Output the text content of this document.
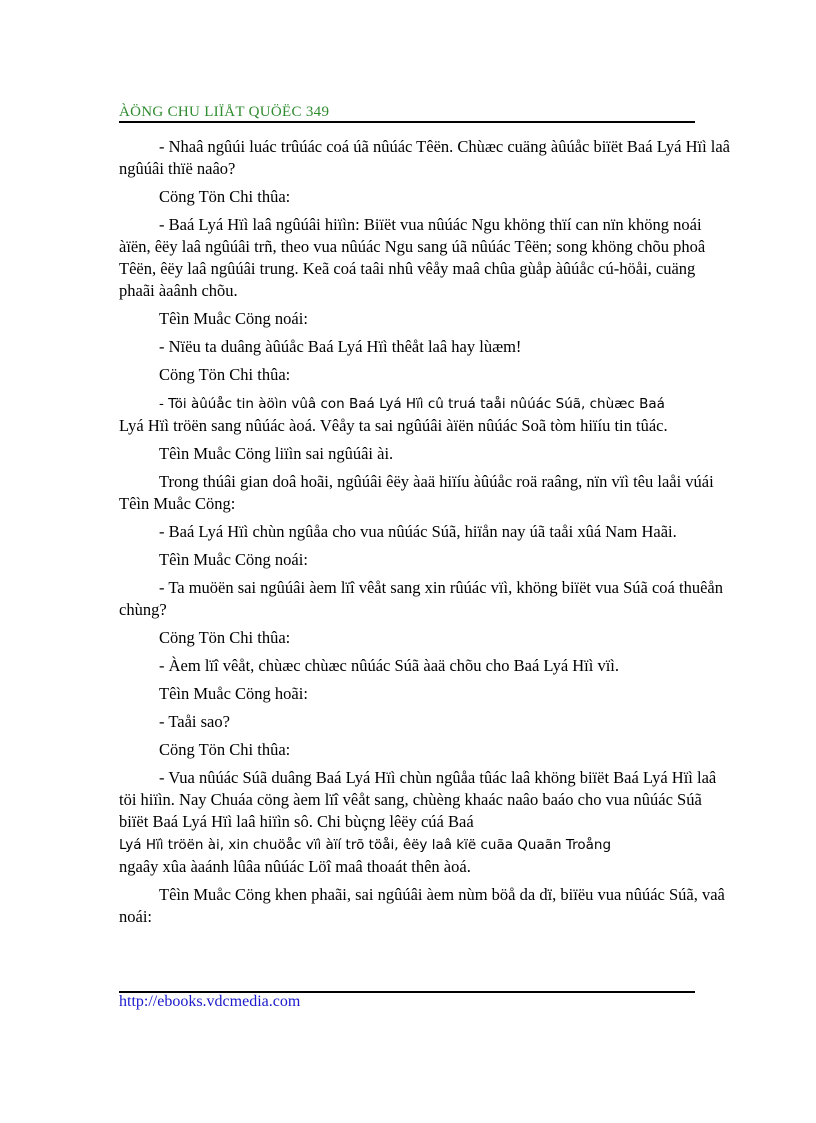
ÀÖNG CHU LIÏÅT QUÖËC 349

- Nhaâ ngûúi luác trûúác coá úã nûúác Têën. Chùæc cuäng àûúåc biïët Baá Lyá Hïì laâ ngûúâi thïë naâo?

Cöng Tön Chi thûa:

- Baá Lyá Hïì laâ ngûúâi hiïìn: Biïët vua nûúác Ngu khöng thïí can nïn khöng noái àïën, êëy laâ ngûúâi trñ, theo vua nûúác Ngu sang úã nûúác Têën; song khöng chõu phoâ Têën, êëy laâ ngûúâi trung. Keã coá taâi nhû vêåy maâ chûa gùåp àûúåc cú-höåi, cuäng phaãi àaânh chõu.

Têìn Muåc Cöng noái:

- Nïëu ta duâng àûúåc Baá Lyá Hïì thêåt laâ hay lùæm!

Cöng Tön Chi thûa:

- Töi àûúåc tin àöìn vûâ con Baá Lyá Hïì cû truá taåi nûúác Súã, chùæc Baá

Lyá Hïì tröën sang nûúác àoá. Vêåy ta sai ngûúâi àïën nûúác Soã tòm hiïíu tin tûác.

Têìn Muåc Cöng liïìn sai ngûúâi ài.

Trong thúâi gian doâ hoãi, ngûúâi êëy àaä hiïíu àûúåc roä raâng, nïn vïì têu laåi vúái Têìn Muåc Cöng:

- Baá Lyá Hïì chùn ngûåa cho vua nûúác Súã, hiïån nay úã taåi xûá Nam Haãi.

Têìn Muåc Cöng noái:

- Ta muöën sai ngûúâi àem lïî vêåt sang xin rûúác vïì, khöng biïët vua Súã coá thuêån chùng?

Cöng Tön Chi thûa:

- Àem lïî vêåt, chùæc chùæc nûúác Súã àaä chõu cho Baá Lyá Hïì vïì.

Têìn Muåc Cöng hoãi:

- Taåi sao?

Cöng Tön Chi thûa:

- Vua nûúác Súã duâng Baá Lyá Hïì chùn ngûåa tûác laâ khöng biïët Baá Lyá Hïì laâ töi hiïìn. Nay Chuáa cöng àem lïî vêåt sang, chùèng khaác naâo baáo cho vua nûúác Súã biïët Baá Lyá Hïì laâ hiïìn sô. Chi bùçng lêëy cúá Baá

Lyá Hïì tröën ài, xin chuöåc vïì àïí trõ töåi, êëy laâ kïë cuãa Quaãn Troång

ngaây xûa àaánh lûâa nûúác Löî maâ thoaát thên àoá.

Têìn Muåc Cöng khen phaãi, sai ngûúâi àem nùm böå da dï, biïëu vua nûúác Súã, vaâ noái:

http://ebooks.vdcmedia.com
